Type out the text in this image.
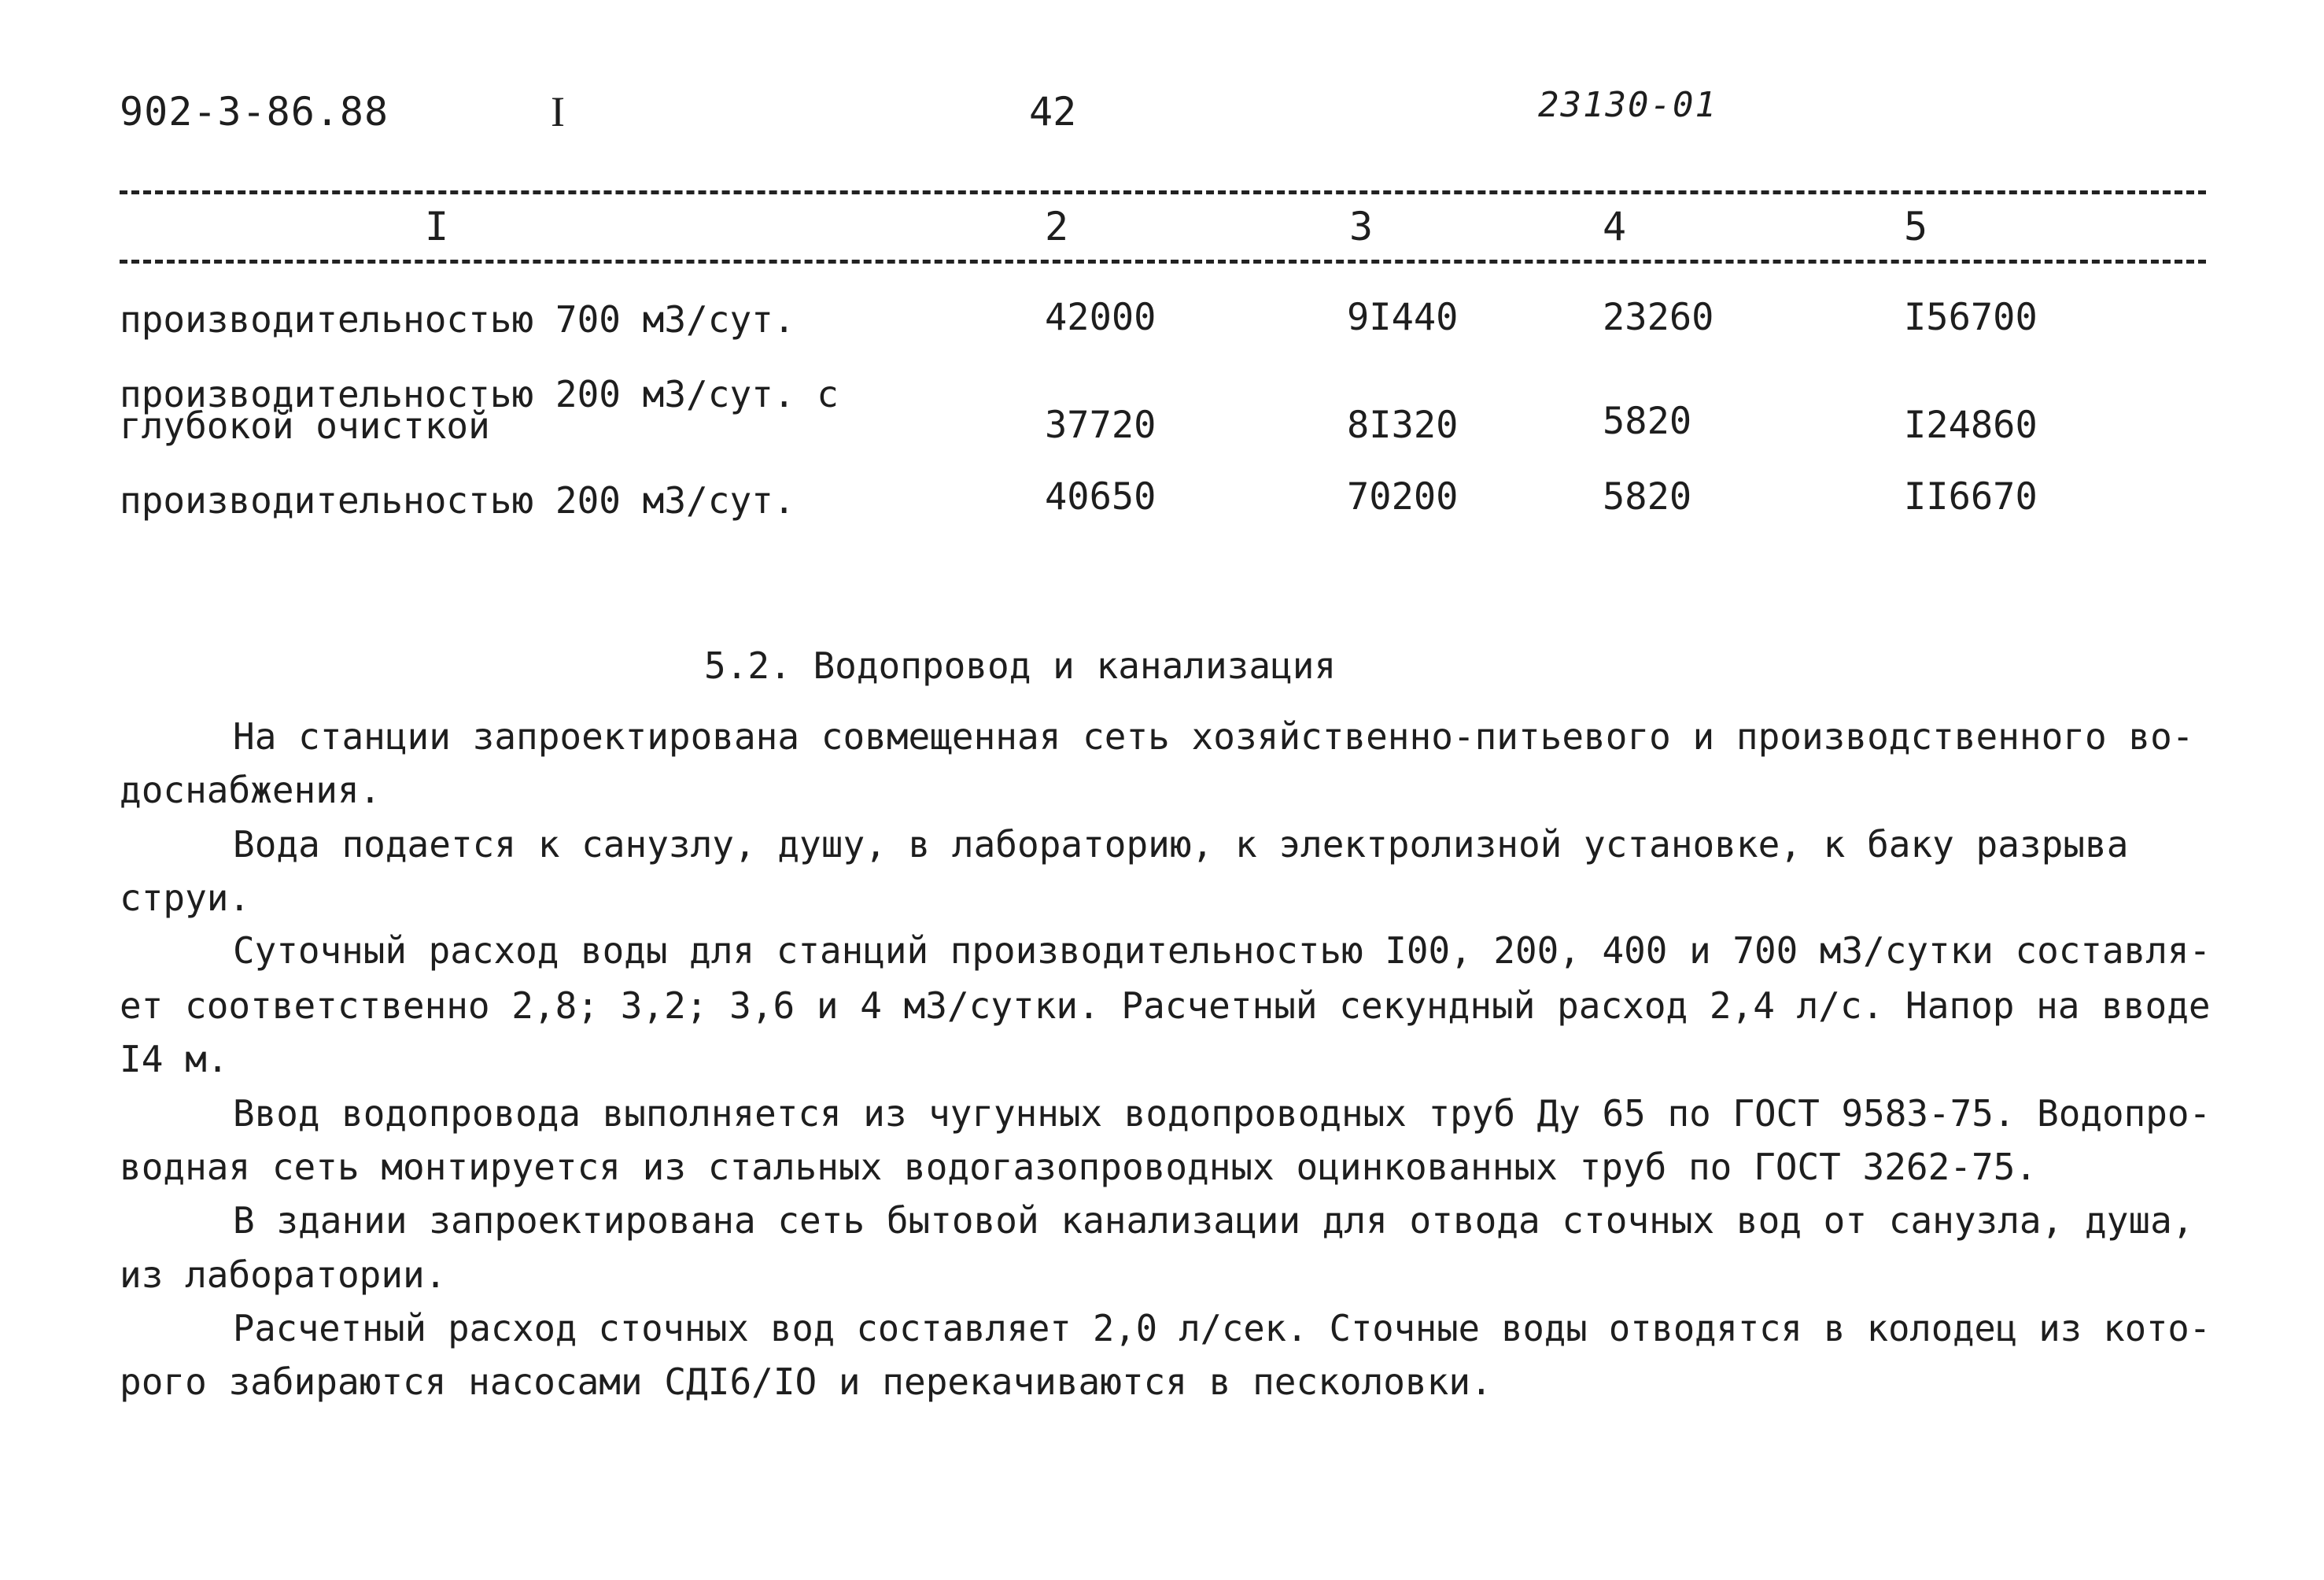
902-3-86.88	I	42	23130-01
I	2	3	4	5
производительностью 700 м3/сут.	42000	9I440	23260	I56700
производительностью 200 м3/сут. с
глубокой очисткой	37720	8I320	5820	I24860
производительностью 200 м3/сут.	40650	70200	5820	II6670
5.2. Водопровод и канализация
На станции запроектирована совмещенная сеть хозяйственно-питьевого и производственного во-
доснабжения.
Вода подается к санузлу, душу, в лабораторию, к электролизной установке, к баку разрыва
струи.
Суточный расход воды для станций производительностью I00, 200, 400 и 700 м3/сутки составля-
ет соответственно 2,8; 3,2; 3,6 и 4 м3/сутки. Расчетный секундный расход 2,4 л/с. Напор на вводе
I4 м.
Ввод водопровода выполняется из чугунных водопроводных труб Ду 65 по ГОСТ 9583-75. Водопро-
водная сеть монтируется из стальных водогазопроводных оцинкованных труб по ГОСТ 3262-75.
В здании запроектирована сеть бытовой канализации для отвода сточных вод от санузла, душа,
из лаборатории.
Расчетный расход сточных вод составляет 2,0 л/сек. Сточные воды отводятся в колодец из кото-
рого забираются насосами СДI6/IO и перекачиваются в песколовки.
